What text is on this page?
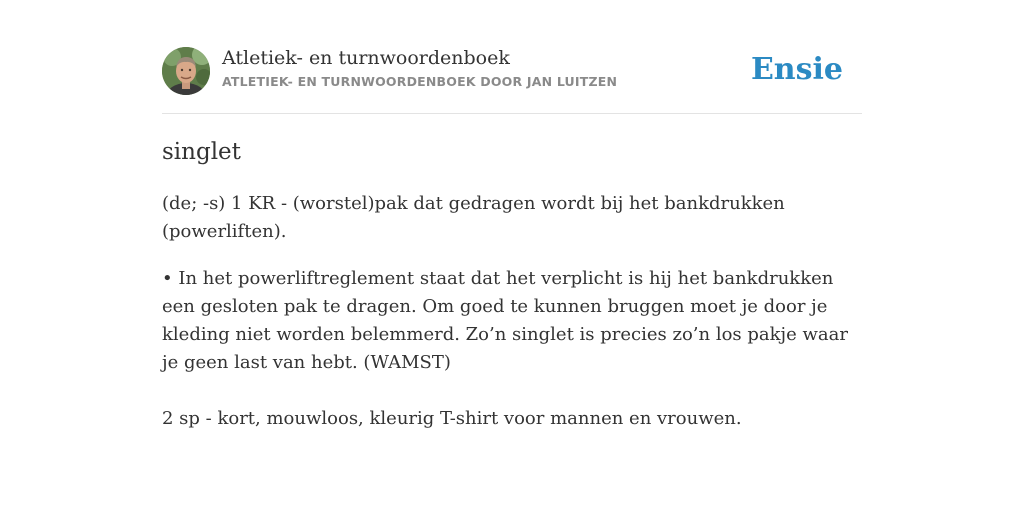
Atletiek- en turnwoordenboek
ATLETIEK- EN TURNWOORDENBOEK DOOR JAN LUITZEN	Ensie
singlet

(de; -s) 1 KR - (worstel)pak dat gedragen wordt bij het bankdrukken (powerliften).

• In het powerliftreglement staat dat het verplicht is hij het bankdrukken een gesloten pak te dragen. Om goed te kunnen bruggen moet je door je kleding niet worden belemmerd. Zo’n singlet is precies zo’n los pakje waar je geen last van hebt. (WAMST)

2 sp - kort, mouwloos, kleurig T-shirt voor mannen en vrouwen.
